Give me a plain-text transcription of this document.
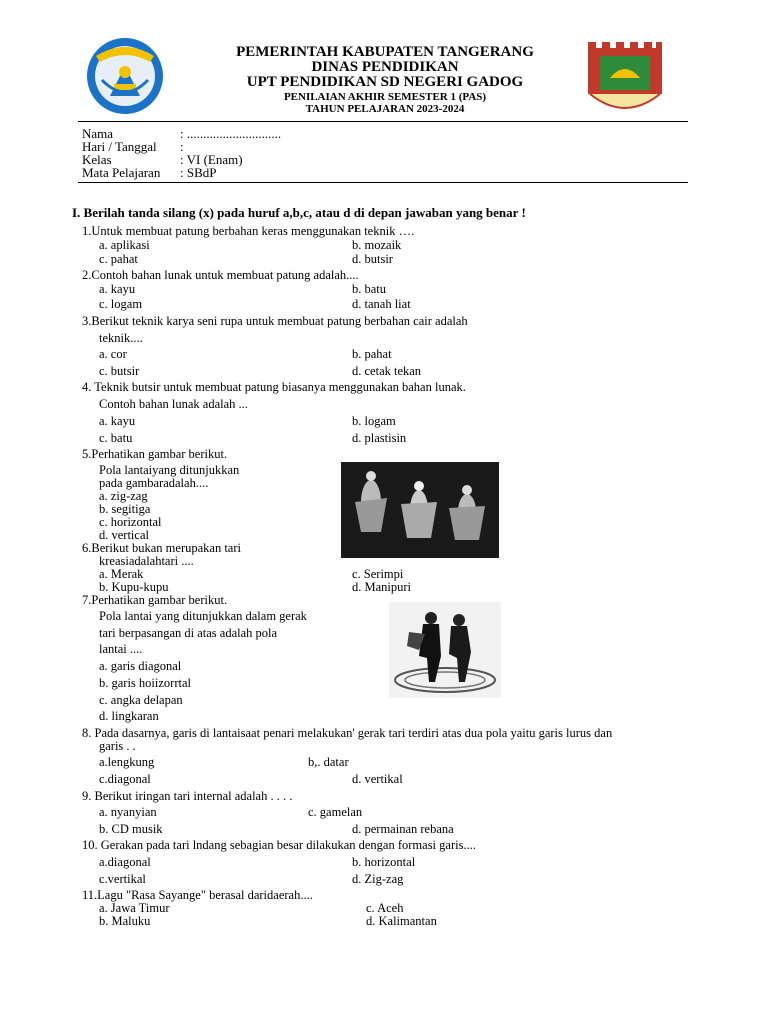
PEMERINTAH KABUPATEN TANGERANG
DINAS PENDIDIKAN
UPT PENDIDIKAN SD NEGERI GADOG
PENILAIAN AKHIR SEMESTER 1 (PAS)
TAHUN PELAJARAN 2023-2024
Nama	: .............................
Hari / Tanggal :
Kelas	: VI (Enam)
Mata Pelajaran : SBdP
I. Berilah tanda silang (x) pada huruf a,b,c, atau d di depan jawaban yang benar !
1.Untuk membuat patung berbahan keras menggunakan teknik ….
a. aplikasi	b. mozaik
c. pahat	d. butsir
2.Contoh bahan lunak untuk membuat patung adalah....
a. kayu	b. batu
c. logam	d. tanah liat
3.Berikut teknik karya seni rupa untuk membuat patung berbahan cair adalah
teknik....
a. cor	b. pahat
c. butsir	d. cetak tekan
4. Teknik butsir untuk membuat patung biasanya menggunakan bahan lunak.
Contoh bahan lunak adalah ...
a. kayu	b. logam
c. batu	d. plastisin
5.Perhatikan gambar berikut.
Pola lantaiyang ditunjukkan
pada gambaradalah....
a. zig-zag
b. segitiga
c. horizontal
d. vertical
6.Berikut bukan merupakan tari
kreasiadalahtari ....
a. Merak	c. Serimpi
b. Kupu-kupu	d. Manipuri
7.Perhatikan gambar berikut.
Pola lantai yang ditunjukkan dalam gerak
tari berpasangan di atas adalah pola
lantai ....
a. garis diagonal
b. garis hoiizorrtal
c. angka delapan
d. lingkaran
8. Pada dasarnya, garis di lantaisaat penari melakukan' gerak tari terdiri atas dua pola yaitu garis lurus dan
garis . .
a.lengkung	b,. datar
c.diagonal	d. vertikal
9. Berikut iringan tari internal adalah . . . .
a. nyanyian	c. gamelan
b. CD musik	d. permainan rebana
10. Gerakan pada tari lndang sebagian besar dilakukan dengan formasi garis....
a.diagonal	b. horizontal
c.vertikal	d. Zig-zag
11.Lagu "Rasa Sayange" berasal daridaerah....
a. Jawa Timur	c. Aceh
b. Maluku	d. Kalimantan
